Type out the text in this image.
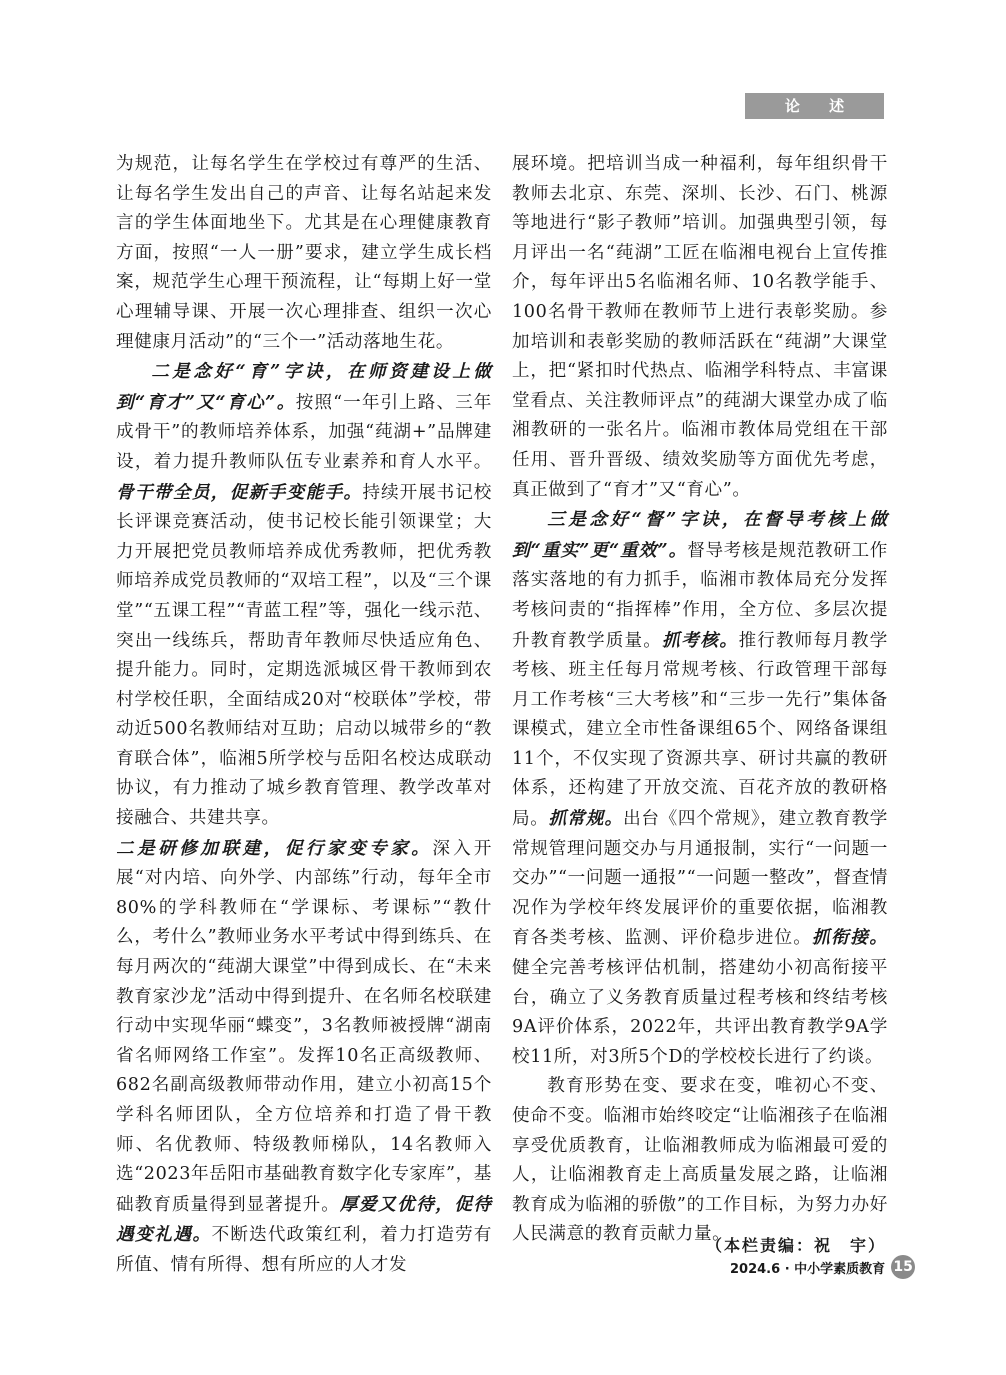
论 述

为规范，让每名学生在学校过有尊严的生活、让每名学生发出自己的声音、让每名站起来发言的学生体面地坐下。尤其是在心理健康教育方面，按照“一人一册”要求，建立学生成长档案，规范学生心理干预流程，让“每期上好一堂心理辅导课、开展一次心理排查、组织一次心理健康月活动”的“三个一”活动落地生花。

二是念好“育”字诀，在师资建设上做到“育才”又“育心”。按照“一年引上路、三年成骨干”的教师培养体系，加强“莼湖+”品牌建设，着力提升教师队伍专业素养和育人水平。骨干带全员，促新手变能手。持续开展书记校长评课竞赛活动，使书记校长能引领课堂；大力开展把党员教师培养成优秀教师，把优秀教师培养成党员教师的“双培工程”，以及“三个课堂”“五课工程”“青蓝工程”等，强化一线示范、突出一线练兵，帮助青年教师尽快适应角色、提升能力。同时，定期选派城区骨干教师到农村学校任职，全面结成20对“校联体”学校，带动近500名教师结对互助；启动以城带乡的“教育联合体”，临湘5所学校与岳阳名校达成联动协议，有力推动了城乡教育管理、教学改革对接融合、共建共享。

二是研修加联建，促行家变专家。深入开展“对内培、向外学、内部练”行动，每年全市80%的学科教师在“学课标、考课标”“教什么，考什么”教师业务水平考试中得到练兵、在每月两次的“莼湖大课堂”中得到成长、在“未来教育家沙龙”活动中得到提升、在名师名校联建行动中实现华丽“蝶变”，3名教师被授牌“湖南省名师网络工作室”。发挥10名正高级教师、682名副高级教师带动作用，建立小初高15个学科名师团队，全方位培养和打造了骨干教师、名优教师、特级教师梯队，14名教师入选“2023年岳阳市基础教育数字化专家库”，基础教育质量得到显著提升。厚爱又优待，促待遇变礼遇。不断迭代政策红利，着力打造劳有所值、情有所得、想有所应的人才发

展环境。把培训当成一种福利，每年组织骨干教师去北京、东莞、深圳、长沙、石门、桃源等地进行“影子教师”培训。加强典型引领，每月评出一名“莼湖”工匠在临湘电视台上宣传推介，每年评出5名临湘名师、10名教学能手、100名骨干教师在教师节上进行表彰奖励。参加培训和表彰奖励的教师活跃在“莼湖”大课堂上，把“紧扣时代热点、临湘学科特点、丰富课堂看点、关注教师评点”的莼湖大课堂办成了临湘教研的一张名片。临湘市教体局党组在干部任用、晋升晋级、绩效奖励等方面优先考虑，真正做到了“育才”又“育心”。

三是念好“督”字诀，在督导考核上做到“重实”更“重效”。督导考核是规范教研工作落实落地的有力抓手，临湘市教体局充分发挥考核问责的“指挥棒”作用，全方位、多层次提升教育教学质量。抓考核。推行教师每月教学考核、班主任每月常规考核、行政管理干部每月工作考核“三大考核”和“三步一先行”集体备课模式，建立全市性备课组65个、网络备课组11个，不仅实现了资源共享、研讨共赢的教研体系，还构建了开放交流、百花齐放的教研格局。抓常规。出台《四个常规》，建立教育教学常规管理问题交办与月通报制，实行“一问题一交办”“一问题一通报”“一问题一整改”，督查情况作为学校年终发展评价的重要依据，临湘教育各类考核、监测、评价稳步进位。抓衔接。健全完善考核评估机制，搭建幼小初高衔接平台，确立了义务教育质量过程考核和终结考核9A评价体系，2022年，共评出教育教学9A学校11所，对3所5个D的学校校长进行了约谈。

教育形势在变、要求在变，唯初心不变、使命不变。临湘市始终咬定“让临湘孩子在临湘享受优质教育，让临湘教师成为临湘最可爱的人，让临湘教育走上高质量发展之路，让临湘教育成为临湘的骄傲”的工作目标，为努力办好人民满意的教育贡献力量。

（本栏责编：祝　宇）
2024.6 · 中小学素质教育 15
